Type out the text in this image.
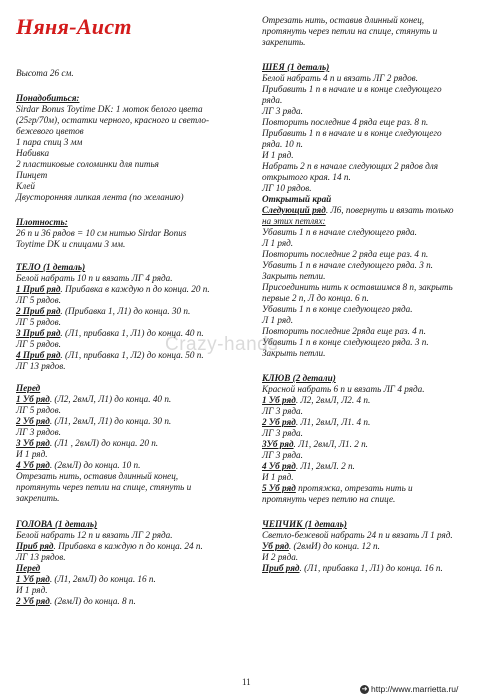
Няня-Аист
Высота 26 см.
Понадобиться:
Sirdar Bonus Toytime DK: 1 моток белого цвета
(25гр/70м), остатки черного, красного и светло-
бежевого цветов
1 пара спиц 3 мм
Набивка
2 пластиковые соломинки для питья
Пинцет
Клей
Двусторонняя липкая лента (по желанию)
Плотность:
26 п и 36 рядов = 10 см нитью Sirdar Bonus
Toytime DK и спицами 3 мм.
ТЕЛО (1 деталь)
Белой набрать 10 п и вязать ЛГ 4 ряда.
1 Приб ряд. Прибавка в каждую п до конца. 20 п.
ЛГ 5 рядов.
2 Приб ряд. (Прибавка 1, Л1) до конца. 30 п.
ЛГ 5 рядов.
3 Приб ряд. (Л1, прибавка 1, Л1) до конца. 40 п.
ЛГ 5 рядов.
4 Приб ряд. (Л1, прибавка 1, Л2) до конца. 50 п.
ЛГ 13 рядов.
Перед
1 Уб ряд. (Л2, 2вмЛ, Л1) до конца. 40 п.
ЛГ 5 рядов.
2 Уб ряд. (Л1, 2вмЛ, Л1) до конца. 30 п.
ЛГ 3 рядов.
3 Уб ряд. (Л1 , 2вмЛ) до конца. 20 п.
И 1 ряд.
4 Уб ряд. (2вмЛ) до конца. 10 п.
Отрезать нить, оставив длинный конец,
протянуть через петли на спице, стянуть и
закрепить.
ГОЛОВА (1 деталь)
Белой набрать 12 п и вязать ЛГ 2 ряда.
Приб ряд. Прибавка в каждую п до конца. 24 п.
ЛГ 13 рядов.
Перед
1 Уб ряд. (Л1, 2вмЛ) до конца. 16 п.
И 1 ряд.
2 Уб ряд. (2вмЛ) до конца. 8 п.
Отрезать нить, оставив длинный конец,
протянуть через петли на спице, стянуть и
закрепить.
ШЕЯ (1 деталь)
Белой набрать 4 п и вязать ЛГ 2 рядов.
Прибавить 1 п в начале и в конце следующего
ряда.
ЛГ 3 ряда.
Повторить последние 4 ряда еще раз. 8 п.
Прибавить 1 п в начале и в конце следующего
ряда. 10 п.
И 1 ряд.
Набрать 2 п в начале следующих 2 рядов для
открытого края. 14 п.
ЛГ 10 рядов.
Открытый край
Следующий ряд. Л6, повернуть и вязать только
на этих петлях:
Убавить 1 п в начале следующего ряда.
Л 1 ряд.
Повторить последние 2 ряда еще раз. 4 п.
Убавить 1 п в начале следующего ряда. 3 п.
Закрыть петли.
Присоединить нить к оставшимся 8 п, закрыть
первые 2 п, Л до конца. 6 п.
Убавить 1 п в конце следующего ряда.
Л 1 ряд.
Повторить последние 2ряда еще раз. 4 п.
Убавить 1 п в конце следующего ряда. 3 п.
Закрыть петли.
КЛЮВ (2 детали)
Красной набрать 6 п и вязать ЛГ 4 ряда.
1 Уб ряд. Л2, 2вмЛ, Л2. 4 п.
ЛГ 3 ряда.
2 Уб ряд. Л1, 2вмЛ, Л1. 4 п.
ЛГ 3 ряда.
3Уб ряд. Л1, 2вмЛ, Л1. 2 п.
ЛГ 3 ряда.
4 Уб ряд. Л1, 2вмЛ. 2 п.
И 1 ряд.
5 Уб ряд протяжка, отрезать нить и
протянуть через петлю на спице.
ЧЕПЧИК (1 деталь)
Светло-бежевой набрать 24 п и вязать Л 1 ряд.
Уб ряд. (2вмИ) до конца. 12 п.
И 2 ряда.
Приб ряд. (Л1, прибавка 1, Л1) до конца. 16 п.
Crazy-hands
11
➜ http://www.marrietta.ru/
